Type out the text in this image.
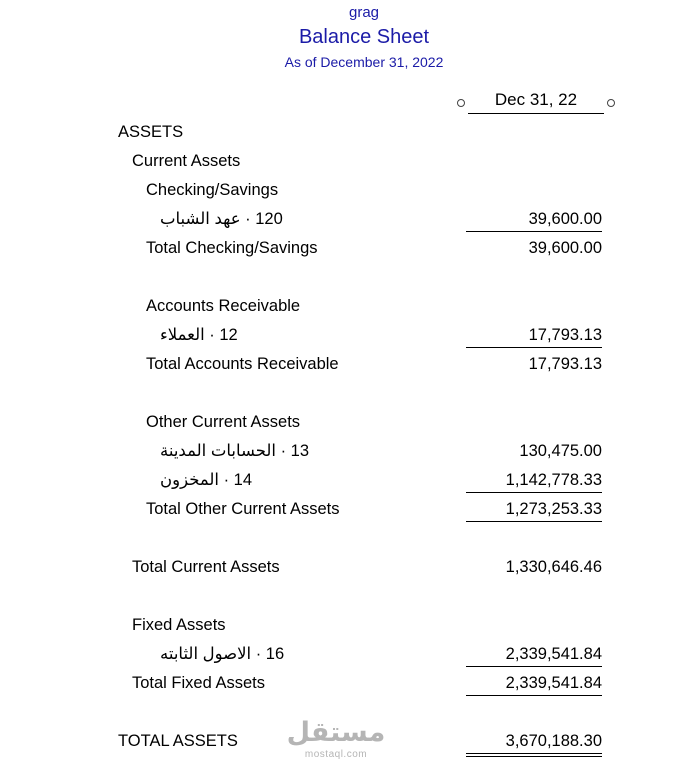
grag
Balance Sheet
As of December 31, 2022
Dec 31, 22
ASSETS
Current Assets
Checking/Savings
عهد الشباب‎ · 120	39,600.00
Total Checking/Savings	39,600.00
Accounts Receivable
العملاء‎ · 12	17,793.13
Total Accounts Receivable	17,793.13
Other Current Assets
الحسابات المدينة‎ · 13	130,475.00
المخزون‎ · 14	1,142,778.33
Total Other Current Assets	1,273,253.33
Total Current Assets	1,330,646.46
Fixed Assets
الاصول الثابته‎ · 16	2,339,541.84
Total Fixed Assets	2,339,541.84
TOTAL ASSETS	3,670,188.30
مستقل
mostaql.com
